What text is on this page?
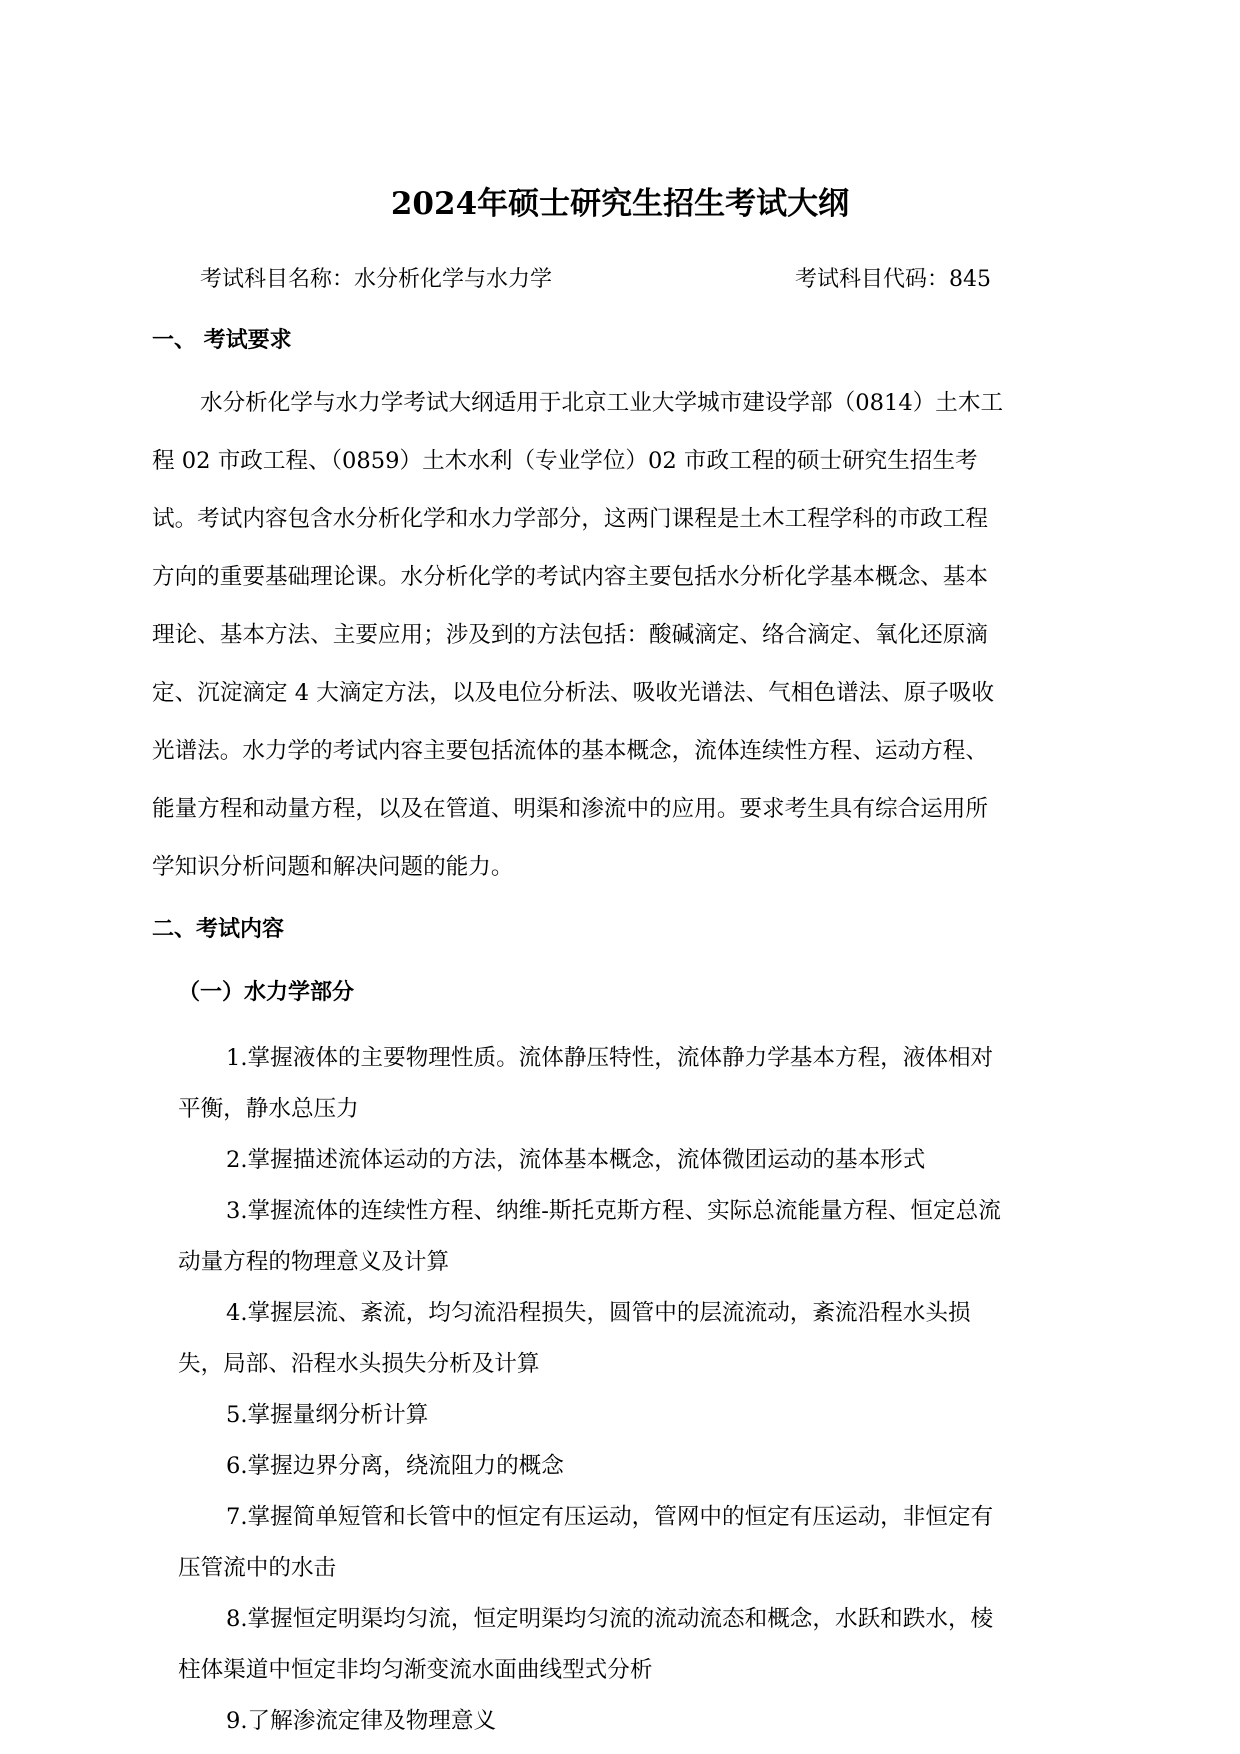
2024年硕士研究生招生考试大纲
考试科目名称：水分析化学与水力学	考试科目代码：845
一、 考试要求
水分析化学与水力学考试大纲适用于北京工业大学城市建设学部（0814）土木工
程 02 市政工程、（0859）土木水利（专业学位）02 市政工程的硕士研究生招生考
试。考试内容包含水分析化学和水力学部分，这两门课程是土木工程学科的市政工程
方向的重要基础理论课。水分析化学的考试内容主要包括水分析化学基本概念、基本
理论、基本方法、主要应用；涉及到的方法包括：酸碱滴定、络合滴定、氧化还原滴
定、沉淀滴定 4 大滴定方法，以及电位分析法、吸收光谱法、气相色谱法、原子吸收
光谱法。水力学的考试内容主要包括流体的基本概念，流体连续性方程、运动方程、
能量方程和动量方程，以及在管道、明渠和渗流中的应用。要求考生具有综合运用所
学知识分析问题和解决问题的能力。
二、考试内容
（一）水力学部分
1.掌握液体的主要物理性质。流体静压特性，流体静力学基本方程，液体相对
平衡，静水总压力
2.掌握描述流体运动的方法，流体基本概念，流体微团运动的基本形式
3.掌握流体的连续性方程、纳维-斯托克斯方程、实际总流能量方程、恒定总流
动量方程的物理意义及计算
4.掌握层流、紊流，均匀流沿程损失，圆管中的层流流动，紊流沿程水头损
失，局部、沿程水头损失分析及计算
5.掌握量纲分析计算
6.掌握边界分离，绕流阻力的概念
7.掌握简单短管和长管中的恒定有压运动，管网中的恒定有压运动，非恒定有
压管流中的水击
8.掌握恒定明渠均匀流，恒定明渠均匀流的流动流态和概念，水跃和跌水，棱
柱体渠道中恒定非均匀渐变流水面曲线型式分析
9.了解渗流定律及物理意义
